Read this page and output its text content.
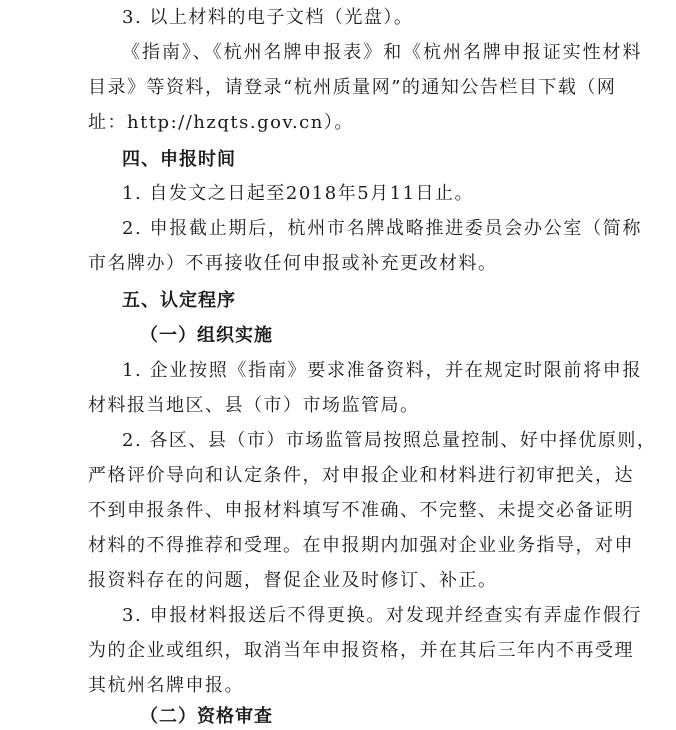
3. 以上材料的电子文档（光盘）。
《指南》、《杭州名牌申报表》和《杭州名牌申报证实性材料
目录》等资料，请登录“杭州质量网”的通知公告栏目下载（网
址：http://hzqts.gov.cn）。
四、申报时间
1. 自发文之日起至2018年5月11日止。
2. 申报截止期后，杭州市名牌战略推进委员会办公室（简称
市名牌办）不再接收任何申报或补充更改材料。
五、认定程序
（一）组织实施
1. 企业按照《指南》要求准备资料，并在规定时限前将申报
材料报当地区、县（市）市场监管局。
2. 各区、县（市）市场监管局按照总量控制、好中择优原则，
严格评价导向和认定条件，对申报企业和材料进行初审把关，达
不到申报条件、申报材料填写不准确、不完整、未提交必备证明
材料的不得推荐和受理。在申报期内加强对企业业务指导，对申
报资料存在的问题，督促企业及时修订、补正。
3. 申报材料报送后不得更换。对发现并经查实有弄虚作假行
为的企业或组织，取消当年申报资格，并在其后三年内不再受理
其杭州名牌申报。
（二）资格审查
